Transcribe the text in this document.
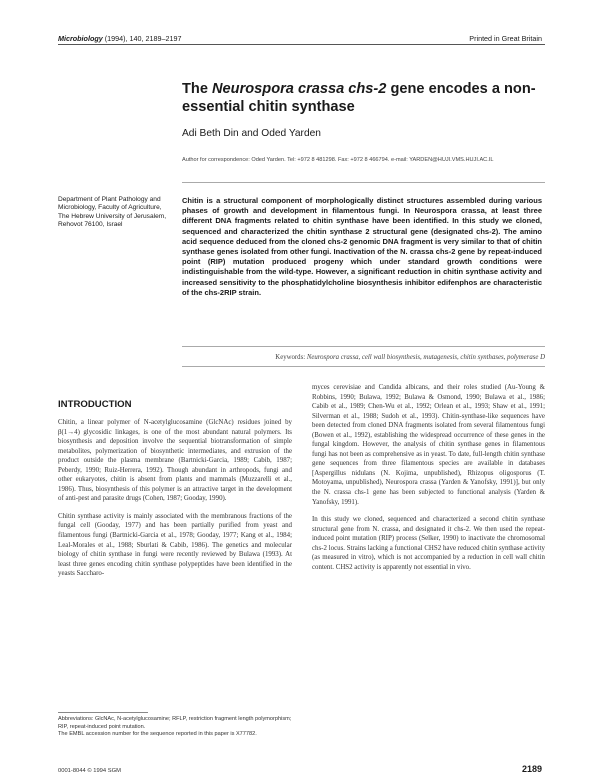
Microbiology (1994), 140, 2189–2197	Printed in Great Britain
The Neurospora crassa chs-2 gene encodes a non-essential chitin synthase
Adi Beth Din and Oded Yarden
Author for correspondence: Oded Yarden. Tel: +972 8 481298. Fax: +972 8 466794. e-mail: YARDEN@HUJI.VMS.HUJI.AC.IL
Department of Plant Pathology and Microbiology, Faculty of Agriculture, The Hebrew University of Jerusalem, Rehovot 76100, Israel
Chitin is a structural component of morphologically distinct structures assembled during various phases of growth and development in filamentous fungi. In Neurospora crassa, at least three different DNA fragments related to chitin synthase have been identified. In this study we cloned, sequenced and characterized the chitin synthase 2 structural gene (designated chs-2). The amino acid sequence deduced from the cloned chs-2 genomic DNA fragment is very similar to that of chitin synthase genes isolated from other fungi. Inactivation of the N. crassa chs-2 gene by repeat-induced point (RIP) mutation produced progeny which under standard growth conditions were indistinguishable from the wild-type. However, a significant reduction in chitin synthase activity and increased sensitivity to the phosphatidylcholine biosynthesis inhibitor edifenphos are characteristic of the chs-2RIP strain.
Keywords: Neurospora crassa, cell wall biosynthesis, mutagenesis, chitin synthases, polymerase D
INTRODUCTION

Chitin, a linear polymer of N-acetylglucosamine (GlcNAc) residues joined by β(1→4) glycosidic linkages, is one of the most abundant natural polymers. Its biosynthesis and deposition involve the sequential biotransformation of simple metabolites, polymerization of biosynthetic intermediates, and extrusion of the product outside the plasma membrane (Bartnicki-Garcia, 1989; Cabib, 1987; Peberdy, 1990; Ruiz-Herrera, 1992). Though abundant in arthropods, fungi and other eukaryotes, chitin is absent from plants and mammals (Muzzarelli et al., 1986). Thus, biosynthesis of this polymer is an attractive target in the development of anti-pest and parasite drugs (Cohen, 1987; Gooday, 1990).

Chitin synthase activity is mainly associated with the membranous fractions of the fungal cell (Gooday, 1977) and has been partially purified from yeast and filamentous fungi (Bartnicki-Garcia et al., 1978; Gooday, 1977; Kang et al., 1984; Leal-Morales et al., 1988; Sburlati & Cabib, 1986). The genetics and molecular biology of chitin synthase in fungi were recently reviewed by Bulawa (1993). At least three genes encoding chitin synthase polypeptides have been identified in the yeasts Saccharo-

myces cerevisiae and Candida albicans, and their roles studied (Au-Young & Robbins, 1990; Bulawa, 1992; Bulawa & Osmond, 1990; Bulawa et al., 1986; Cabib et al., 1989; Chen-Wu et al., 1992; Orlean et al., 1993; Shaw et al., 1991; Silverman et al., 1988; Sudoh et al., 1993). Chitin-synthase-like sequences have been detected from cloned DNA fragments isolated from several filamentous fungi (Bowen et al., 1992), establishing the widespread occurrence of these genes in the fungal kingdom. However, the analysis of chitin synthase genes in filamentous fungi has not been as comprehensive as in yeast. To date, full-length chitin synthase gene sequences from three filamentous species are available in databases [Aspergillus nidulans (N. Kojima, unpublished), Rhizopus oligosporus (T. Motoyama, unpublished), Neurospora crassa (Yarden & Yanofsky, 1991)], but only the N. crassa chs-1 gene has been subjected to functional analysis (Yarden & Yanofsky, 1991).

In this study we cloned, sequenced and characterized a second chitin synthase structural gene from N. crassa, and designated it chs-2. We then used the repeat-induced point mutation (RIP) process (Selker, 1990) to inactivate the chromosomal chs-2 locus. Strains lacking a functional CHS2 have reduced chitin synthase activity (as measured in vitro), which is not accompanied by a reduction in cell wall chitin content. CHS2 activity is apparently not essential in vivo.

Abbreviations: GlcNAc, N-acetylglucosamine; RFLP, restriction fragment length polymorphism; RIP, repeat-induced point mutation.
The EMBL accession number for the sequence reported in this paper is X77782.
0001-8044 © 1994 SGM	2189
